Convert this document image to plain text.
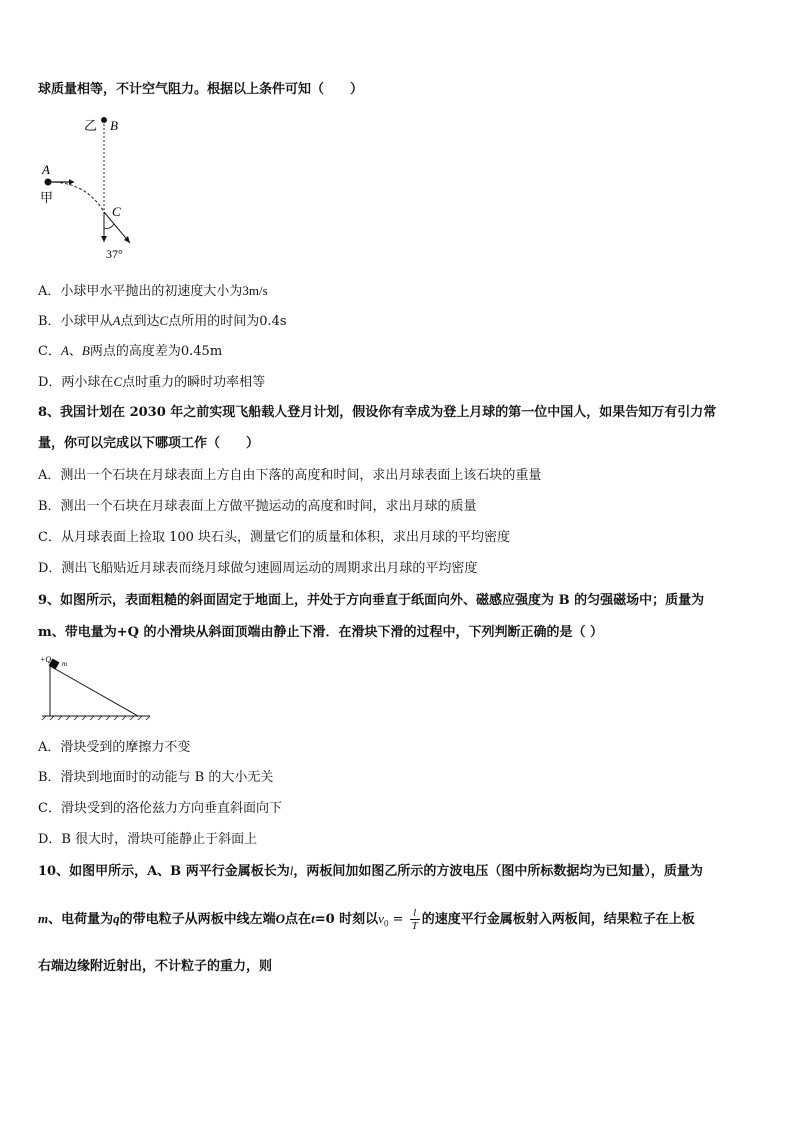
球质量相等，不计空气阻力。根据以上条件可知（　　）
乙 B
A
甲
C
37°
A．小球甲水平抛出的初速度大小为3m/s
B．小球甲从A点到达C点所用的时间为0.4s
C．A、B两点的高度差为0.45m
D．两小球在C点时重力的瞬时功率相等
8、我国计划在 2030 年之前实现飞船载人登月计划，假设你有幸成为登上月球的第一位中国人，如果告知万有引力常
量，你可以完成以下哪项工作（　　）
A．测出一个石块在月球表面上方自由下落的高度和时间，求出月球表面上该石块的重量
B．测出一个石块在月球表面上方做平抛运动的高度和时间，求出月球的质量
C．从月球表面上捡取 100 块石头，测量它们的质量和体积，求出月球的平均密度
D．测出飞船贴近月球表而绕月球做匀速圆周运动的周期求出月球的平均密度
9、如图所示，表面粗糙的斜面固定于地面上，并处于方向垂直于纸面向外、磁感应强度为 B 的匀强磁场中；质量为
m、带电量为+Q 的小滑块从斜面顶端由静止下滑．在滑块下滑的过程中，下列判断正确的是（ ）
+Q m
A．滑块受到的摩擦力不变
B．滑块到地面时的动能与 B 的大小无关
C．滑块受到的洛伦兹力方向垂直斜面向下
D．B 很大时，滑块可能静止于斜面上
10、如图甲所示，A、B 两平行金属板长为l，两板间加如图乙所示的方波电压（图中所标数据均为已知量），质量为
m、电荷量为q的带电粒子从两板中线左端O点在t=0 时刻以$v_0 = \frac{l}{T}$ 的速度平行金属板射入两板间，结果粒子在上板
右端边缘附近射出，不计粒子的重力，则
